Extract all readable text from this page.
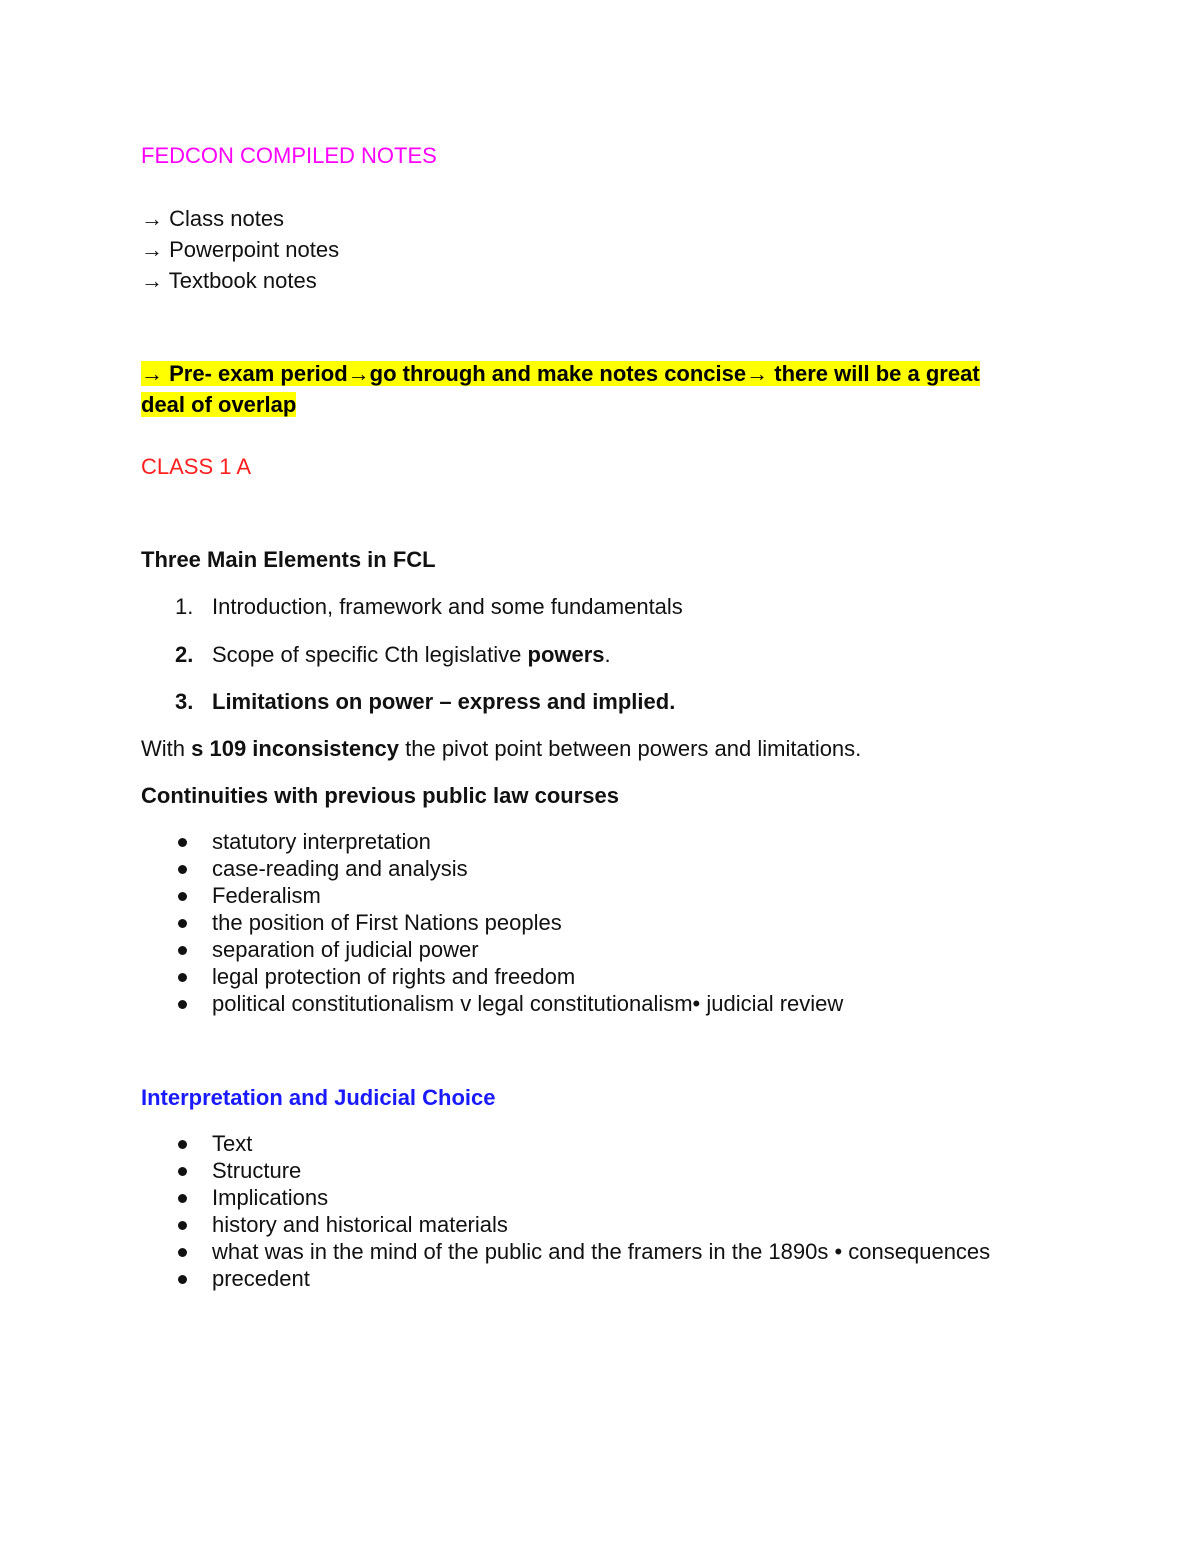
FEDCON COMPILED NOTES
→ Class notes
→ Powerpoint notes
→ Textbook notes
→ Pre- exam period→go through and make notes concise→ there will be a great
deal of overlap
CLASS 1 A
Three Main Elements in FCL
1. Introduction, framework and some fundamentals
2. Scope of specific Cth legislative powers.
3. Limitations on power – express and implied.
With s 109 inconsistency the pivot point between powers and limitations.
Continuities with previous public law courses
statutory interpretation
case-reading and analysis
Federalism
the position of First Nations peoples
separation of judicial power
legal protection of rights and freedom
political constitutionalism v legal constitutionalism• judicial review
Interpretation and Judicial Choice
Text
Structure
Implications
history and historical materials
what was in the mind of the public and the framers in the 1890s • consequences
precedent
